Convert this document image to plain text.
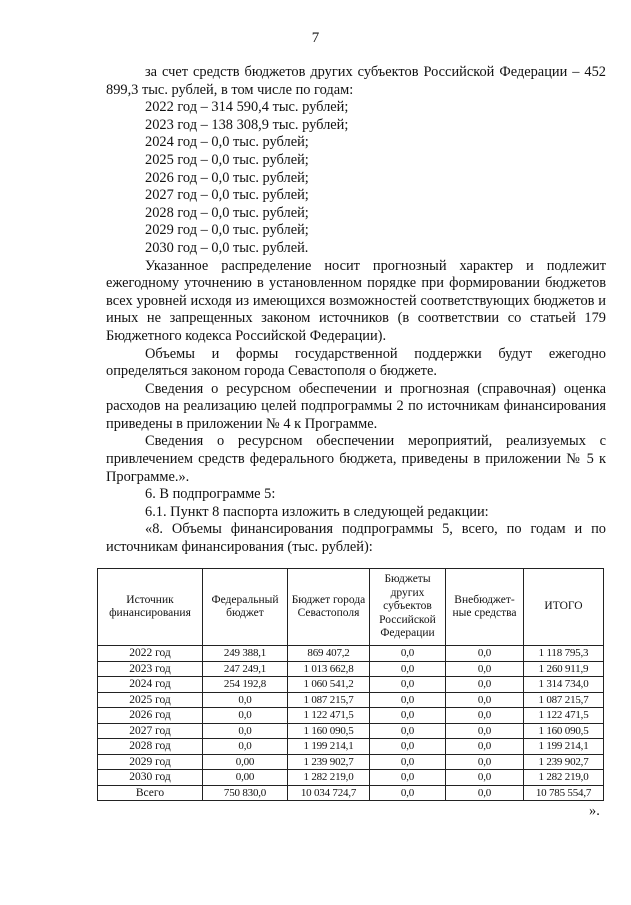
7

за счет средств бюджетов других субъектов Российской Федерации – 452 899,3 тыс. рублей, в том числе по годам:

2022 год – 314 590,4 тыс. рублей;

2023 год – 138 308,9 тыс. рублей;

2024 год – 0,0 тыс. рублей;

2025 год – 0,0 тыс. рублей;

2026 год – 0,0 тыс. рублей;

2027 год – 0,0 тыс. рублей;

2028 год – 0,0 тыс. рублей;

2029 год – 0,0 тыс. рублей;

2030 год – 0,0 тыс. рублей.

Указанное распределение носит прогнозный характер и подлежит ежегодному уточнению в установленном порядке при формировании бюджетов всех уровней исходя из имеющихся возможностей соответствующих бюджетов и иных не запрещенных законом источников (в соответствии со статьей 179 Бюджетного кодекса Российской Федерации).

Объемы и формы государственной поддержки будут ежегодно определяться законом города Севастополя о бюджете.

Сведения о ресурсном обеспечении и прогнозная (справочная) оценка расходов на реализацию целей подпрограммы 2 по источникам финансирования приведены в приложении № 4 к Программе.

Сведения о ресурсном обеспечении мероприятий, реализуемых с привлечением средств федерального бюджета, приведены в приложении № 5 к Программе.».

6. В подпрограмме 5:

6.1. Пункт 8 паспорта изложить в следующей редакции:

«8. Объемы финансирования подпрограммы 5, всего, по годам и по источникам финансирования (тыс. рублей):

Источник финансирования	Федеральный бюджет	Бюджет города Севастополя	Бюджеты других субъектов Российской Федерации	Внебюджет-ные средства	ИТОГО
2022 год	249 388,1	869 407,2	0,0	0,0	1 118 795,3
2023 год	247 249,1	1 013 662,8	0,0	0,0	1 260 911,9
2024 год	254 192,8	1 060 541,2	0,0	0,0	1 314 734,0
2025 год	0,0	1 087 215,7	0,0	0,0	1 087 215,7
2026 год	0,0	1 122 471,5	0,0	0,0	1 122 471,5
2027 год	0,0	1 160 090,5	0,0	0,0	1 160 090,5
2028 год	0,0	1 199 214,1	0,0	0,0	1 199 214,1
2029 год	0,00	1 239 902,7	0,0	0,0	1 239 902,7
2030 год	0,00	1 282 219,0	0,0	0,0	1 282 219,0
Всего	750 830,0	10 034 724,7	0,0	0,0	10 785 554,7
».
